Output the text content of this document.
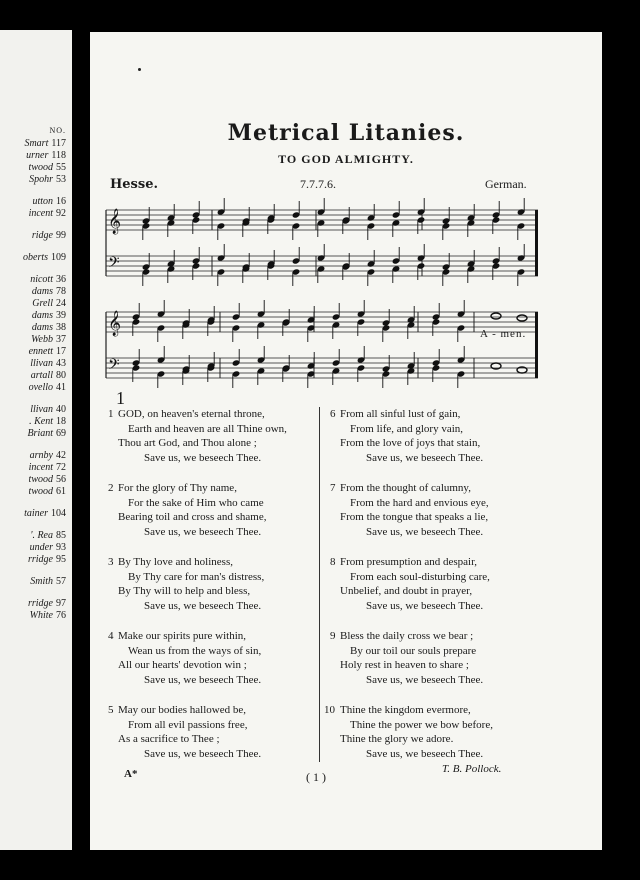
NO.
Smart 117
urner 118
twood 55
Spohr 53
utton 16
incent 92
ridge 99
oberts 109
nicott 36
dams 78
Grell 24
dams 39
dams 38
Webb 37
ennett 17
llivan 43
artall 80
ovello 41
llivan 40
. Kent 18
Briant 69
arnby 42
incent 72
twood 56
twood 61
tainer 104
'. Rea 85
under 93
rridge 95
Smith 57
rridge 97
White 76
Metrical Litanies.
TO GOD ALMIGHTY.
Hesse.	7.7.7.6.	German.
𝄞
𝄢
𝄞
𝄢
A - men.
1
1 GOD, on heaven's eternal throne,
Earth and heaven are all Thine own,
Thou art God, and Thou alone ;
Save us, we beseech Thee.
2 For the glory of Thy name,
For the sake of Him who came
Bearing toil and cross and shame,
Save us, we beseech Thee.
3 By Thy love and holiness,
By Thy care for man's distress,
By Thy will to help and bless,
Save us, we beseech Thee.
4 Make our spirits pure within,
Wean us from the ways of sin,
All our hearts' devotion win ;
Save us, we beseech Thee.
5 May our bodies hallowed be,
From all evil passions free,
As a sacrifice to Thee ;
Save us, we beseech Thee.
6 From all sinful lust of gain,
From life, and glory vain,
From the love of joys that stain,
Save us, we beseech Thee.
7 From the thought of calumny,
From the hard and envious eye,
From the tongue that speaks a lie,
Save us, we beseech Thee.
8 From presumption and despair,
From each soul-disturbing care,
Unbelief, and doubt in prayer,
Save us, we beseech Thee.
9 Bless the daily cross we bear ;
By our toil our souls prepare
Holy rest in heaven to share ;
Save us, we beseech Thee.
10 Thine the kingdom evermore,
Thine the power we bow before,
Thine the glory we adore.
Save us, we beseech Thee.
A*	( 1 )
T. B. Pollock.
